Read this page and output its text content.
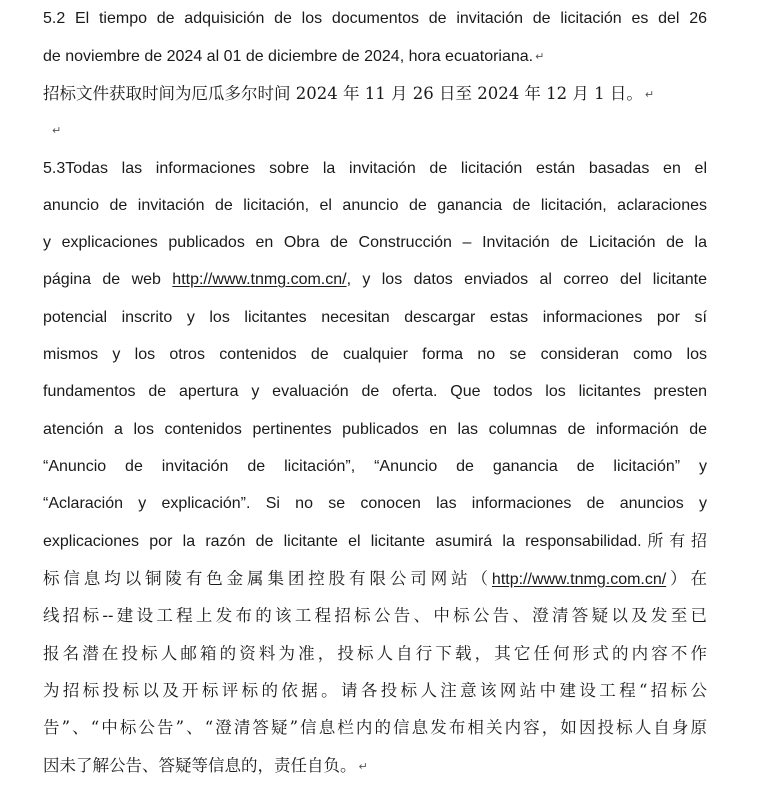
5.2 El tiempo de adquisición de los documentos de invitación de licitación es del 26
de noviembre de 2024 al 01 de diciembre de 2024, hora ecuatoriana. ↵
招标文件获取时间为厄瓜多尔时间 2024 年 11 月 26 日至 2024 年 12 月 1 日。 ↵
↵
5.3Todas las informaciones sobre la invitación de licitación están basadas en el
anuncio de invitación de licitación, el anuncio de ganancia de licitación, aclaraciones
y explicaciones publicados en Obra de Construcción – Invitación de Licitación de la
página de web http://www.tnmg.com.cn/, y los datos enviados al correo del licitante
potencial inscrito y los licitantes necesitan descargar estas informaciones por sí
mismos y los otros contenidos de cualquier forma no se consideran como los
fundamentos de apertura y evaluación de oferta. Que todos los licitantes presten
atención a los contenidos pertinentes publicados en las columnas de información de
“Anuncio de invitación de licitación”, “Anuncio de ganancia de licitación” y
“Aclaración y explicación”. Si no se conocen las informaciones de anuncios y
explicaciones por la razón de licitante el licitante asumirá la responsabilidad.所有招
标信息均以铜陵有色金属集团控股有限公司网站（http://www.tnmg.com.cn/）在
线招标--建设工程上发布的该工程招标公告、中标公告、澄清答疑以及发至已
报名潜在投标人邮箱的资料为准，投标人自行下载，其它任何形式的内容不作
为招标投标以及开标评标的依据。请各投标人注意该网站中建设工程“招标公
告”、“中标公告”、“澄清答疑”信息栏内的信息发布相关内容，如因投标人自身原
因未了解公告、答疑等信息的，责任自负。 ↵
